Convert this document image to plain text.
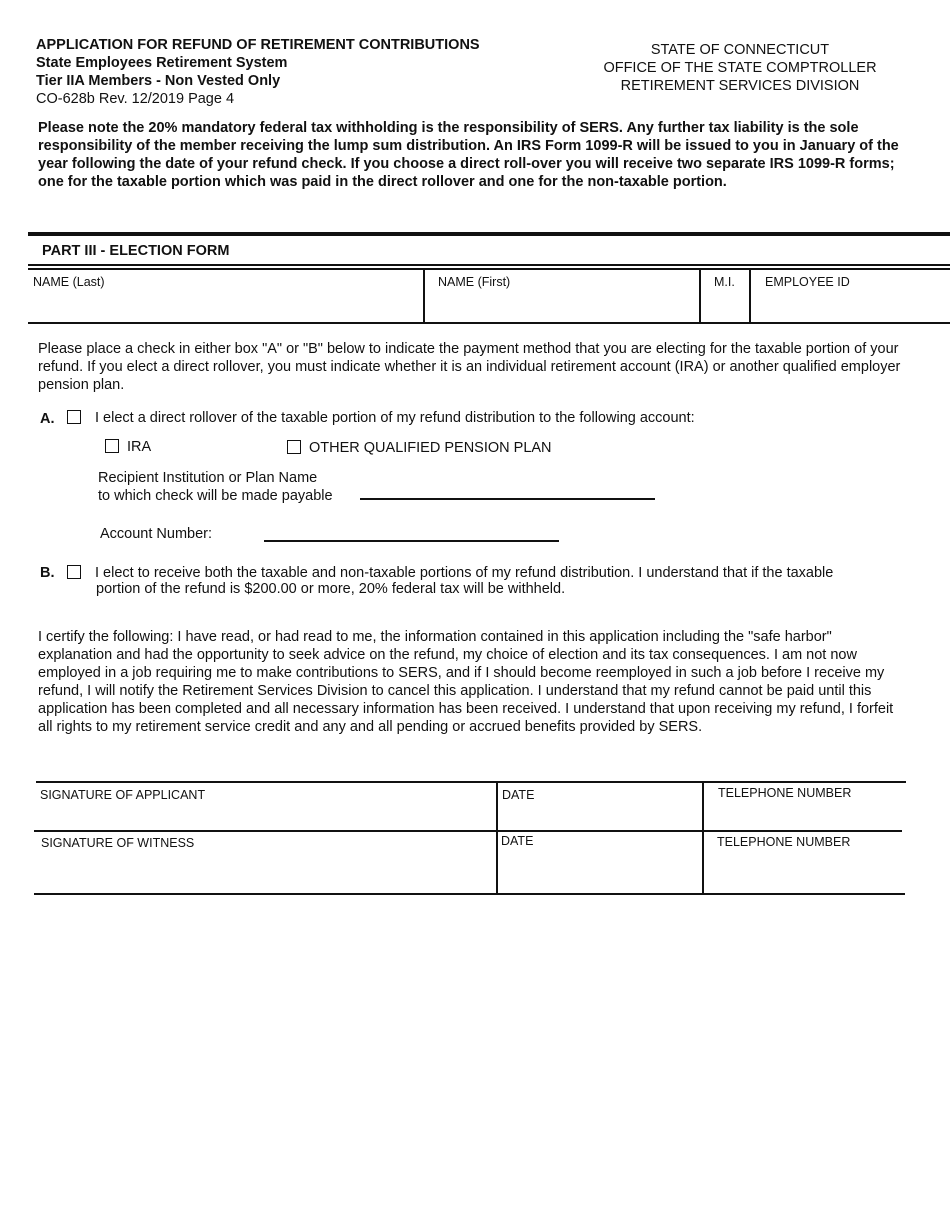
APPLICATION FOR REFUND OF RETIREMENT CONTRIBUTIONS
State Employees Retirement System
Tier IIA Members - Non Vested Only
CO-628b Rev. 12/2019 Page 4
STATE OF CONNECTICUT
OFFICE OF THE STATE COMPTROLLER
RETIREMENT SERVICES DIVISION
Please note the 20% mandatory federal tax withholding is the responsibility of SERS. Any further tax liability is the sole responsibility of the member receiving the lump sum distribution. An IRS Form 1099-R will be issued to you in January of the year following the date of your refund check. If you choose a direct roll-over you will receive two separate IRS 1099-R forms; one for the taxable portion which was paid in the direct rollover and one for the non-taxable portion.
PART III - ELECTION FORM
NAME (Last)	NAME (First)	M.I. EMPLOYEE ID
Please place a check in either box "A" or "B" below to indicate the payment method that you are electing for the taxable portion of your refund. If you elect a direct rollover, you must indicate whether it is an individual retirement account (IRA) or another qualified employer pension plan.
A.	I elect a direct rollover of the taxable portion of my refund distribution to the following account:
IRA	OTHER QUALIFIED PENSION PLAN
Recipient Institution or Plan Name
to which check will be made payable
Account Number:
B.	I elect to receive both the taxable and non-taxable portions of my refund distribution. I understand that if the taxable
portion of the refund is $200.00 or more, 20% federal tax will be withheld.
I certify the following: I have read, or had read to me, the information contained in this application including the "safe harbor" explanation and had the opportunity to seek advice on the refund, my choice of election and its tax consequences. I am not now employed in a job requiring me to make contributions to SERS, and if I should become reemployed in such a job before I receive my refund, I will notify the Retirement Services Division to cancel this application. I understand that my refund cannot be paid until this application has been completed and all necessary information has been received. I understand that upon receiving my refund, I forfeit all rights to my retirement service credit and any and all pending or accrued benefits provided by SERS.
SIGNATURE OF APPLICANT	DATE	TELEPHONE NUMBER
SIGNATURE OF WITNESS	DATE	TELEPHONE NUMBER
